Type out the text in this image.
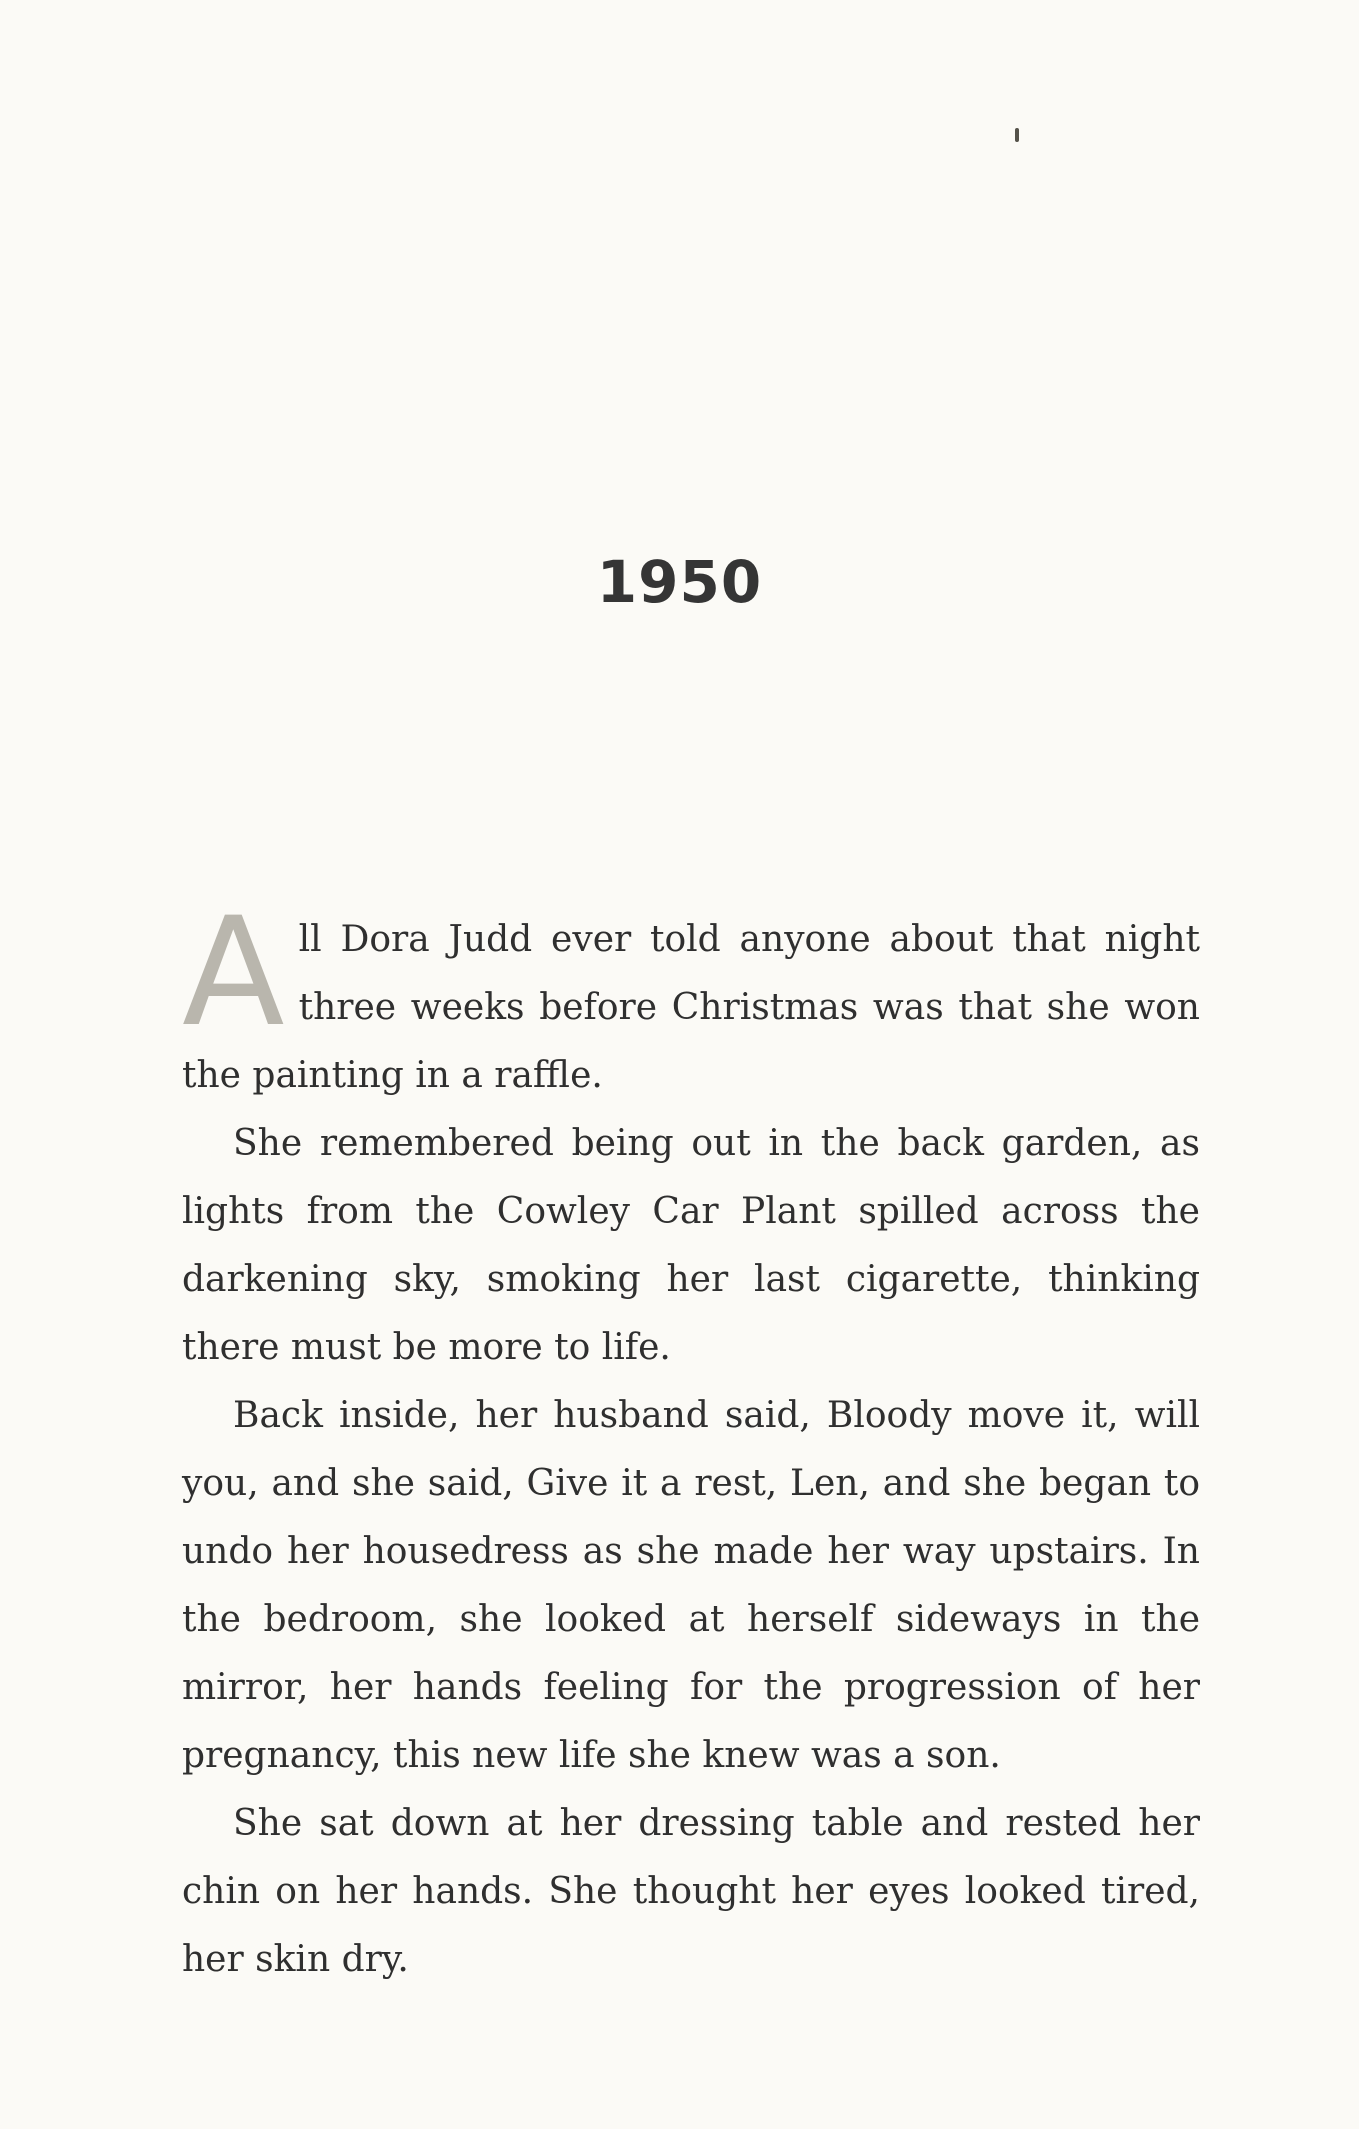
1950

All Dora Judd ever told anyone about that night three weeks before Christmas was that she won the painting in a raffle.

She remembered being out in the back garden, as lights from the Cowley Car Plant spilled across the darkening sky, smoking her last cigarette, thinking there must be more to life.

Back inside, her husband said, Bloody move it, will you, and she said, Give it a rest, Len, and she began to undo her housedress as she made her way upstairs. In the bedroom, she looked at herself sideways in the mirror, her hands feeling for the progression of her pregnancy, this new life she knew was a son.

She sat down at her dressing table and rested her chin on her hands. She thought her eyes looked tired, her skin dry.
